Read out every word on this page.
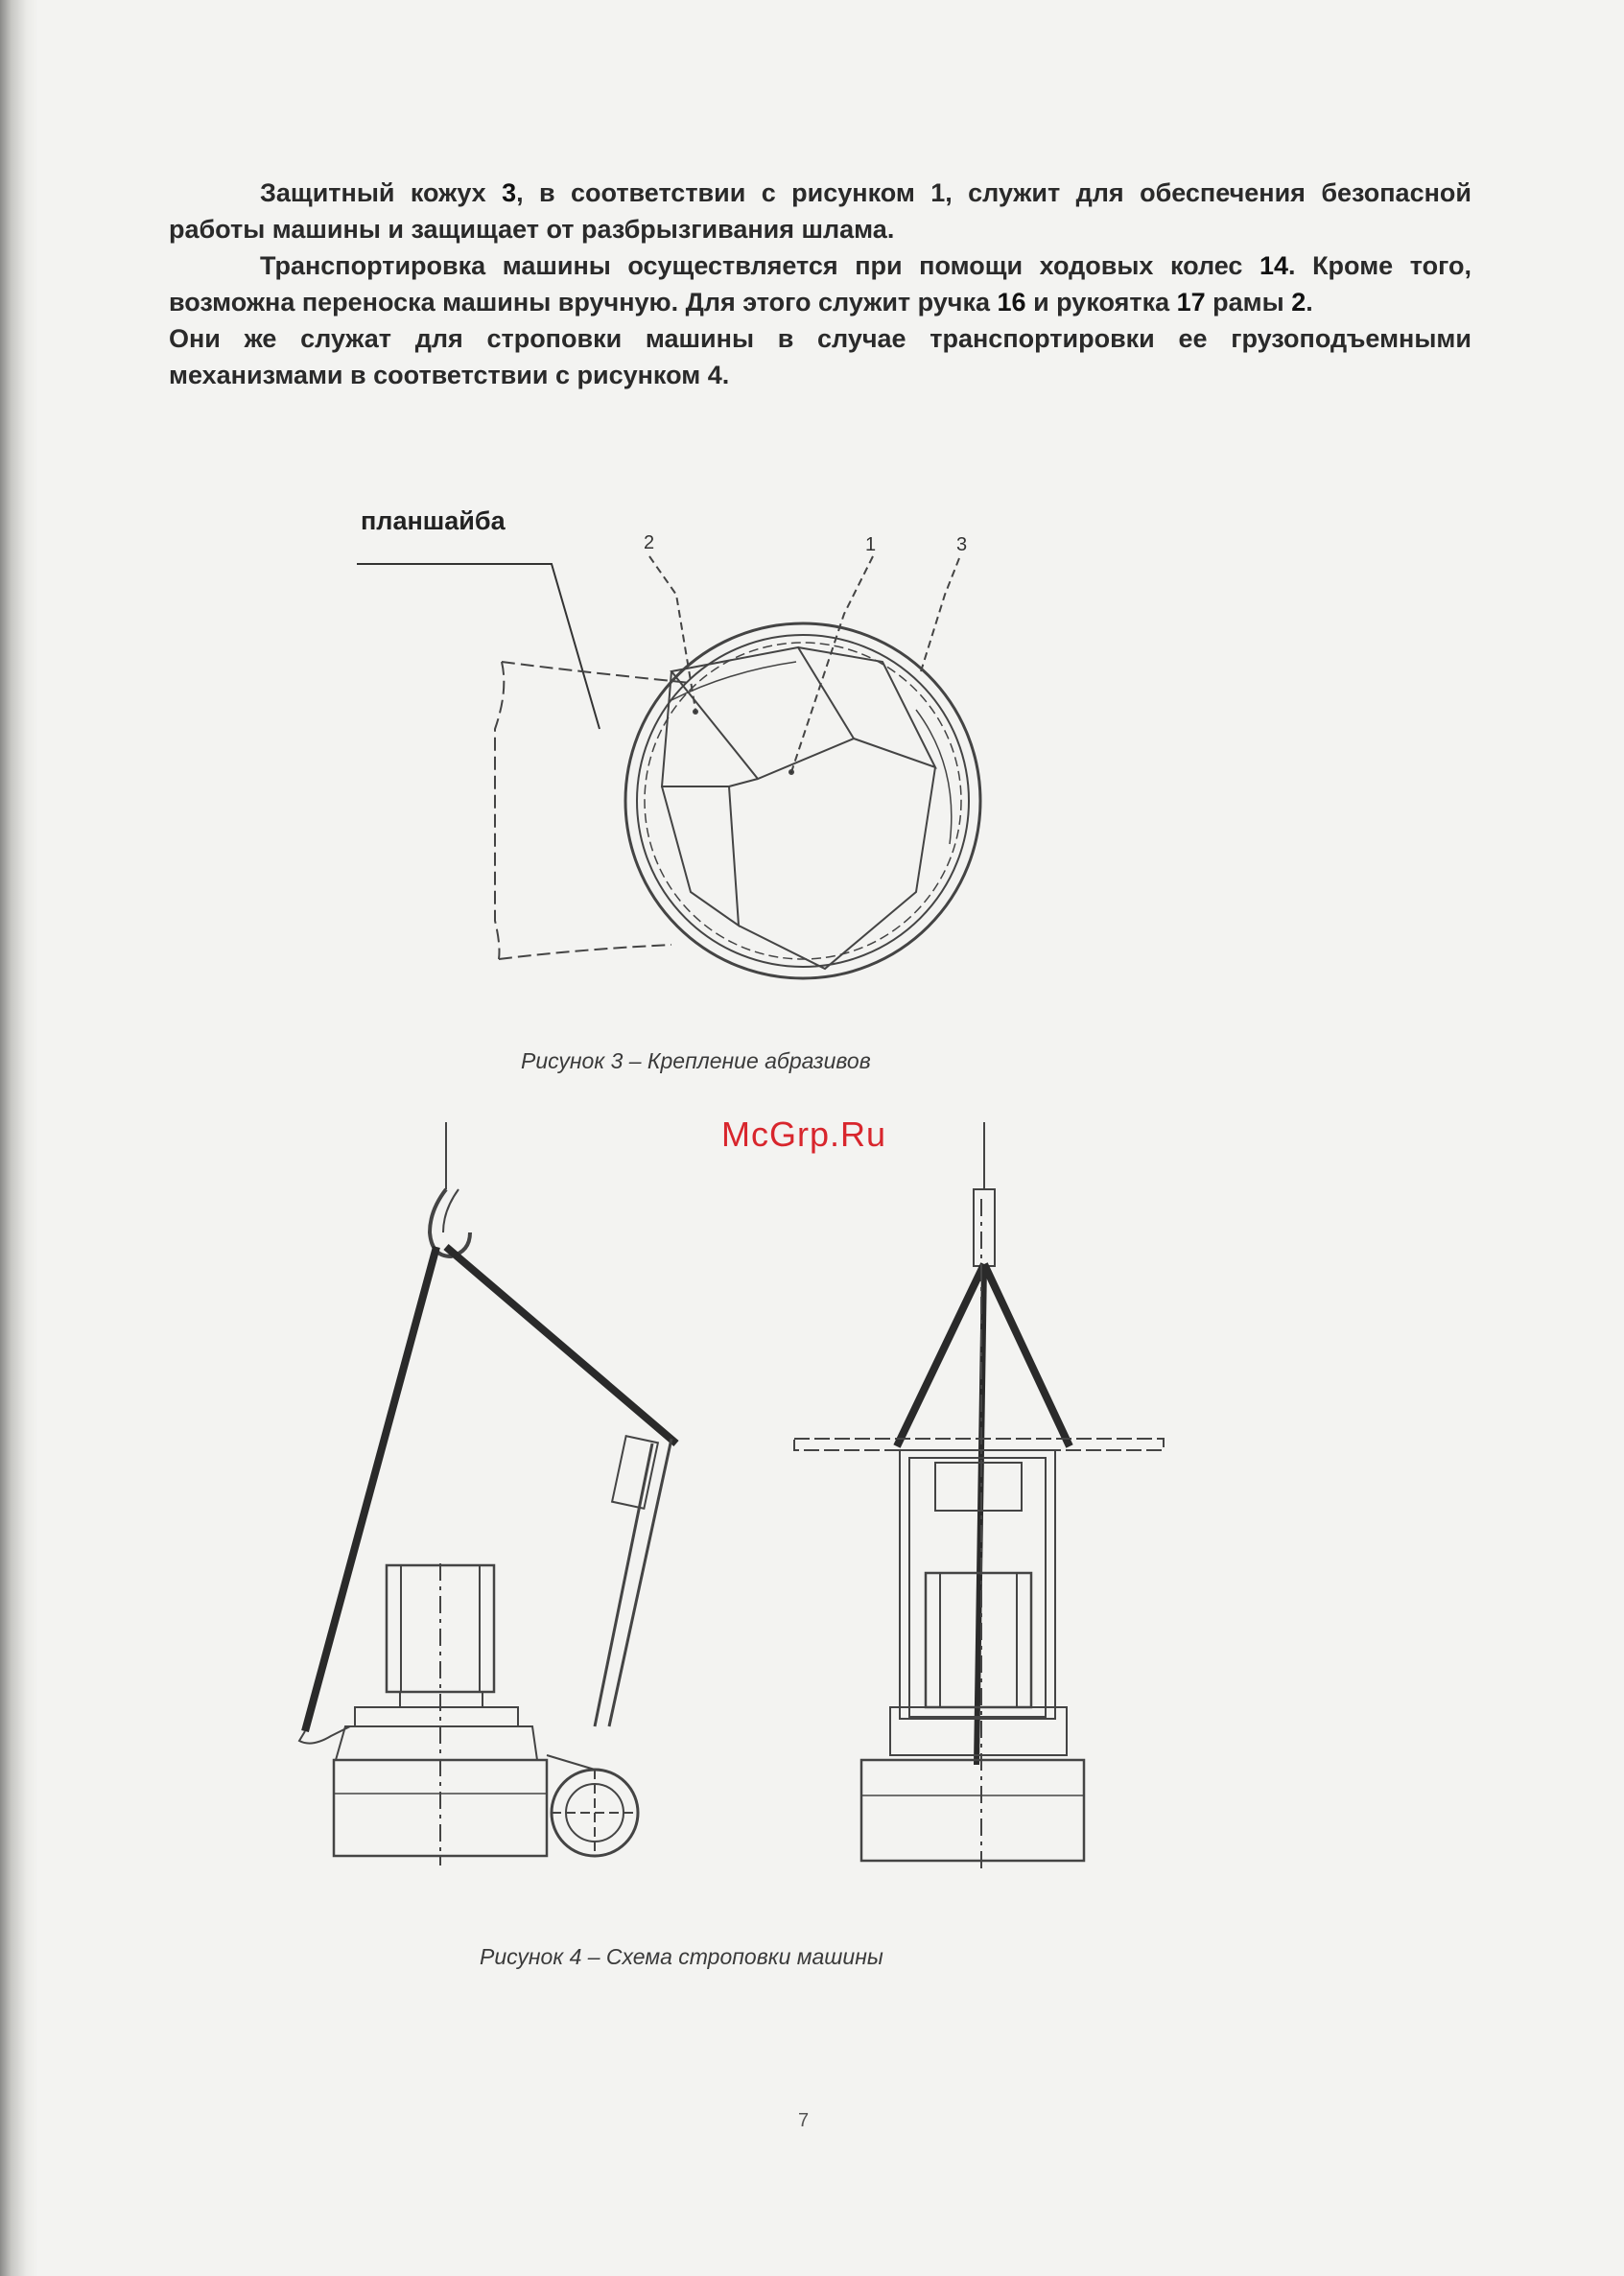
Защитный кожух 3, в соответствии с рисунком 1, служит для обеспечения безопасной работы машины и защищает от разбрызгивания шлама.

Транспортировка машины осуществляется при помощи ходовых колес 14. Кроме того, возможна переноска машины вручную. Для этого служит ручка 16 и рукоятка 17 рамы 2.

Они же служат для строповки машины в случае транспортировки ее грузоподъемными механизмами в соответствии с рисунком 4.

планшайба
2	1	3
Рисунок 3 – Крепление абразивов
McGrp.Ru
Рисунок 4 – Схема строповки машины
7
